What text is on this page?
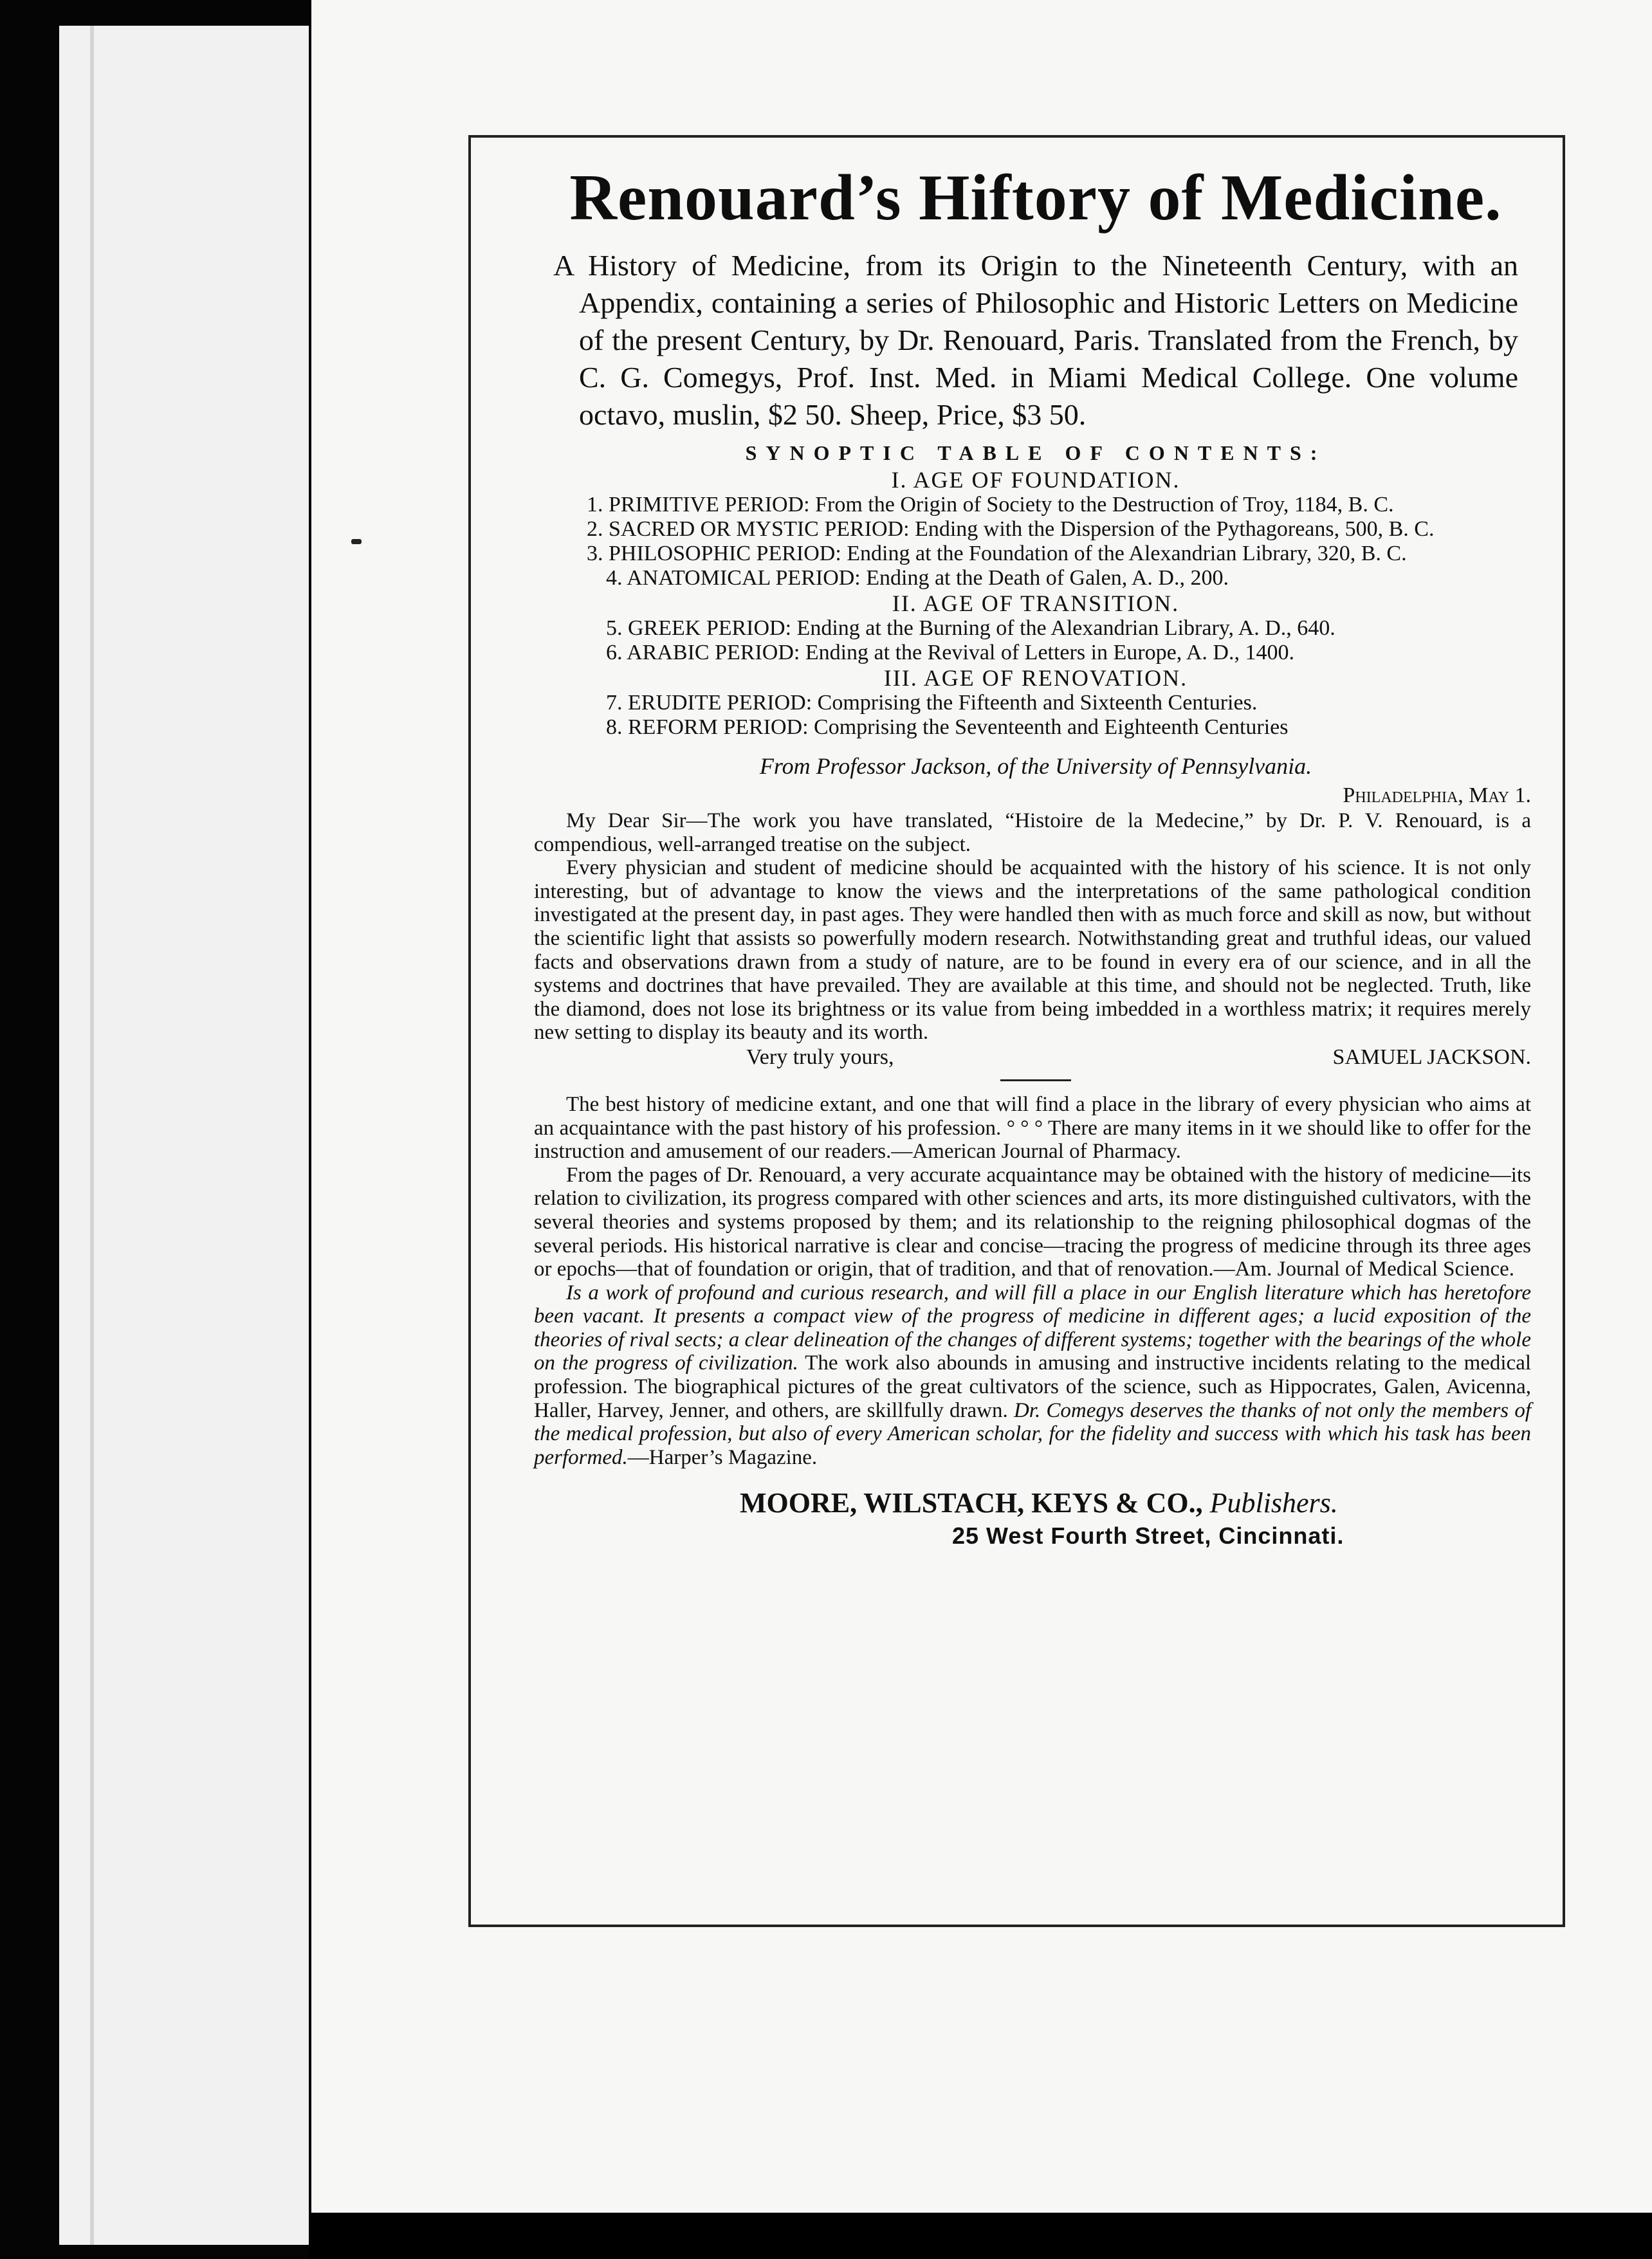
Renouard’s Hiftory of Medicine.

A History of Medicine, from its Origin to the Nineteenth Century, with an Appendix, containing a series of Philosophic and Historic Letters on Medicine of the present Century, by Dr. Renouard, Paris. Translated from the French, by C. G. Comegys, Prof. Inst. Med. in Miami Medical College. One volume octavo, muslin, $2 50. Sheep, Price, $3 50.

SYNOPTIC TABLE OF CONTENTS:
I. AGE OF FOUNDATION.
1. PRIMITIVE PERIOD: From the Origin of Society to the Destruction of Troy, 1184, B. C.
2. SACRED OR MYSTIC PERIOD: Ending with the Dispersion of the Pythagoreans, 500, B. C.
3. PHILOSOPHIC PERIOD: Ending at the Foundation of the Alexandrian Library, 320, B. C.
4. ANATOMICAL PERIOD: Ending at the Death of Galen, A. D., 200.
II. AGE OF TRANSITION.
5. GREEK PERIOD: Ending at the Burning of the Alexandrian Library, A. D., 640.
6. ARABIC PERIOD: Ending at the Revival of Letters in Europe, A. D., 1400.
III. AGE OF RENOVATION.
7. ERUDITE PERIOD: Comprising the Fifteenth and Sixteenth Centuries.
8. REFORM PERIOD: Comprising the Seventeenth and Eighteenth Centuries
From Professor Jackson, of the University of Pennsylvania.
Philadelphia, May 1.

My Dear Sir—The work you have translated, “Histoire de la Medecine,” by Dr. P. V. Renouard, is a compendious, well-arranged treatise on the subject.

Every physician and student of medicine should be acquainted with the history of his science. It is not only interesting, but of advantage to know the views and the interpretations of the same pathological condition investigated at the present day, in past ages. They were handled then with as much force and skill as now, but without the scientific light that assists so powerfully modern research. Notwithstanding great and truthful ideas, our valued facts and observations drawn from a study of nature, are to be found in every era of our science, and in all the systems and doctrines that have prevailed. They are available at this time, and should not be neglected. Truth, like the diamond, does not lose its brightness or its value from being imbedded in a worthless matrix; it requires merely new setting to display its beauty and its worth.

Very truly yours,	SAMUEL JACKSON.

The best history of medicine extant, and one that will find a place in the library of every physician who aims at an acquaintance with the past history of his profession. ° ° ° There are many items in it we should like to offer for the instruction and amusement of our readers.—American Journal of Pharmacy.

From the pages of Dr. Renouard, a very accurate acquaintance may be obtained with the history of medicine—its relation to civilization, its progress compared with other sciences and arts, its more distinguished cultivators, with the several theories and systems proposed by them; and its relationship to the reigning philosophical dogmas of the several periods. His historical narrative is clear and concise—tracing the progress of medicine through its three ages or epochs—that of foundation or origin, that of tradition, and that of renovation.—Am. Journal of Medical Science.

Is a work of profound and curious research, and will fill a place in our English literature which has heretofore been vacant. It presents a compact view of the progress of medicine in different ages; a lucid exposition of the theories of rival sects; a clear delineation of the changes of different systems; together with the bearings of the whole on the progress of civilization. The work also abounds in amusing and instructive incidents relating to the medical profession. The biographical pictures of the great cultivators of the science, such as Hippocrates, Galen, Avicenna, Haller, Harvey, Jenner, and others, are skillfully drawn. Dr. Comegys deserves the thanks of not only the members of the medical profession, but also of every American scholar, for the fidelity and success with which his task has been performed.—Harper’s Magazine.

MOORE, WILSTACH, KEYS & CO., Publishers.
25 West Fourth Street, Cincinnati.
